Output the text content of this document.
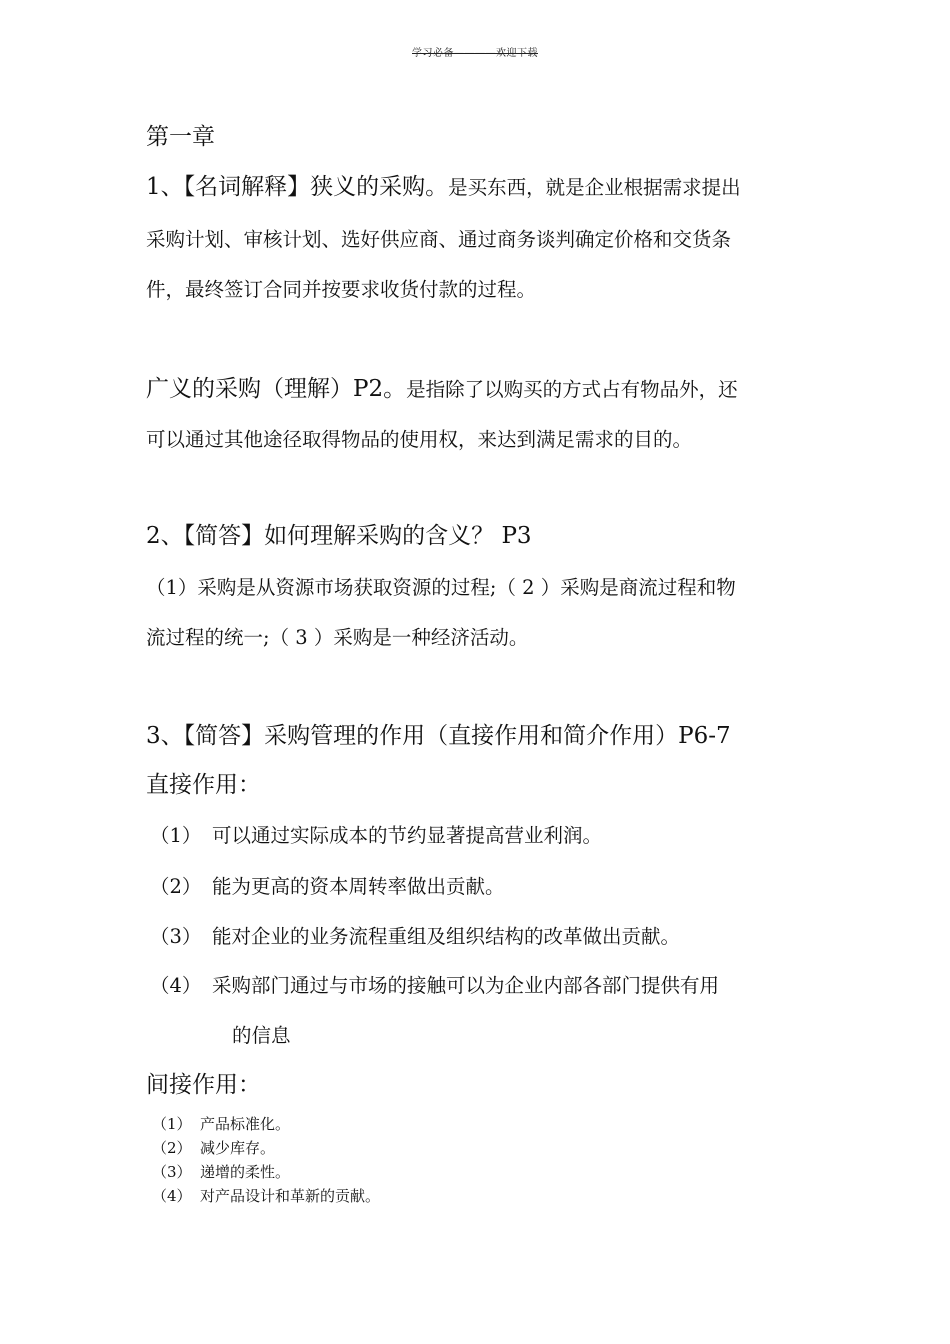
学习必备————欢迎下载
第一章
1、【名词解释】狭义的采购。是买东西，就是企业根据需求提出
采购计划、审核计划、选好供应商、通过商务谈判确定价格和交货条
件，最终签订合同并按要求收货付款的过程。
广义的采购（理解）P2。是指除了以购买的方式占有物品外，还
可以通过其他途径取得物品的使用权，来达到满足需求的目的。
2、【简答】如何理解采购的含义？ P3
（1）采购是从资源市场获取资源的过程;（ 2 ）采购是商流过程和物
流过程的统一;（ 3 ）采购是一种经济活动。
3、【简答】采购管理的作用（直接作用和简介作用）P6-7
直接作用：
（1） 可以通过实际成本的节约显著提高营业利润。
（2） 能为更高的资本周转率做出贡献。
（3） 能对企业的业务流程重组及组织结构的改革做出贡献。
（4） 采购部门通过与市场的接触可以为企业内部各部门提供有用
的信息
间接作用：
（1） 产品标准化。
（2） 减少库存。
（3） 递增的柔性。
（4） 对产品设计和革新的贡献。
